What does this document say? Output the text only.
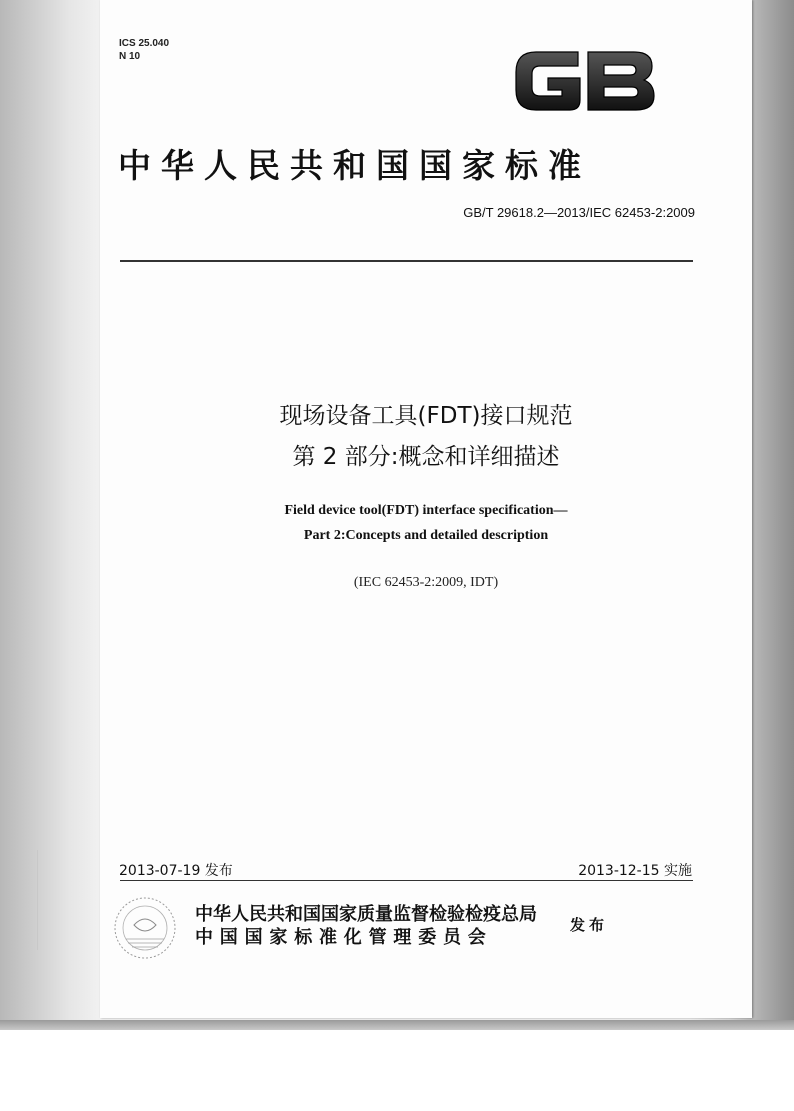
ICS 25.040
N 10
中华人民共和国国家标准
GB/T 29618.2—2013/IEC 62453-2:2009
现场设备工具(FDT)接口规范
第 2 部分:概念和详细描述
Field device tool(FDT) interface specification—
Part 2:Concepts and detailed description
(IEC 62453-2:2009, IDT)
2013-07-19 发布	2013-12-15 实施
中华人民共和国国家质量监督检验检疫总局
中国国家标准化管理委员会
发布
